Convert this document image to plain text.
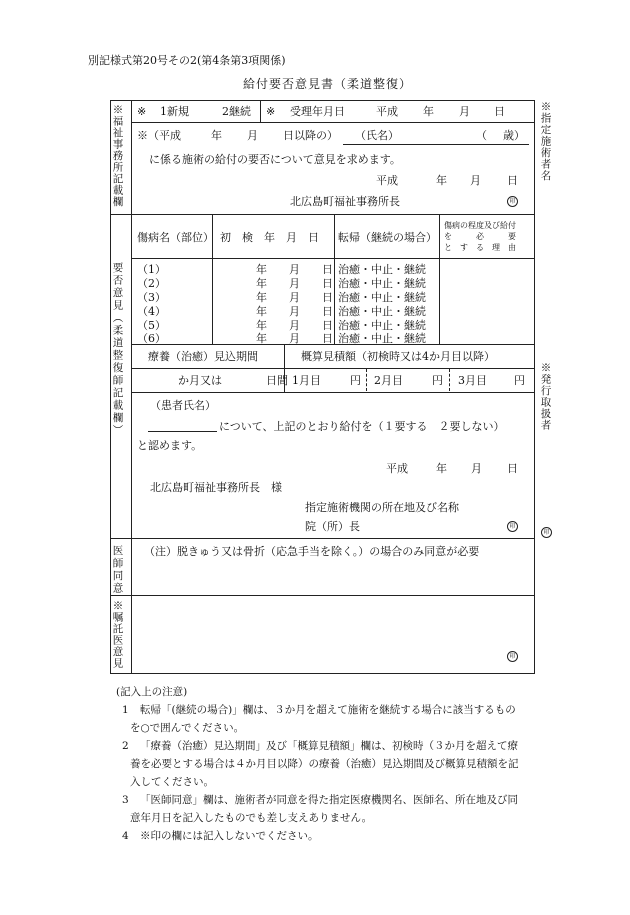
別記様式第20号その2(第4条第3項関係)
給付要否意見書（柔道整復）
※福祉事務所記載欄
要否意見（柔道整復師記載欄）
医師同意
※嘱託医意見
※指定施術者名
※発行取扱者
印
※ 1新規	2継続 ※ 受理年月日	平成 年 月 日
※（平成	年 月 日以降の） （氏名）	（ 歳）
に係る施術の給付の要否について意見を求めます。
平成	年 月 日
北広島町福祉事務所長	印
傷病名（部位） 初　検　年　月　日 転帰（継続の場合）
傷病の程度及び給付
を　　　必　　　要
と　す　る　理　由
（1）	年　　月　　日 治癒・中止・継続
（2）	年　　月　　日 治癒・中止・継続
（3）	年　　月　　日 治癒・中止・継続
（4）	年　　月　　日 治癒・中止・継続
（5）	年　　月　　日 治癒・中止・継続
（6）	年　　月　　日 治癒・中止・継続
療養（治癒）見込期間	概算見積額（初検時又は4か月目以降）
か月又は　　　　日間 1月目	円 2月目	円 3月目 円
（患者氏名）
について、上記のとおり給付を（１要する　２要しない）
と認めます。
平成	年 月 日
北広島町福祉事務所長　様
指定施術機関の所在地及び名称
院（所）長	印
（注）脱きゅう又は骨折（応急手当を除く。）の場合のみ同意が必要
印
(記入上の注意)
1 転帰「(継続の場合)」欄は、３か月を超えて施術を継続する場合に該当するもの
を○で囲んでください。
2 「療養（治癒）見込期間」及び「概算見積額」欄は、初検時（３か月を超えて療
養を必要とする場合は４か月目以降）の療養（治癒）見込期間及び概算見積額を記
入してください。
3 「医師同意」欄は、施術者が同意を得た指定医療機関名、医師名、所在地及び同
意年月日を記入したものでも差し支えありません。
4 ※印の欄には記入しないでください。
